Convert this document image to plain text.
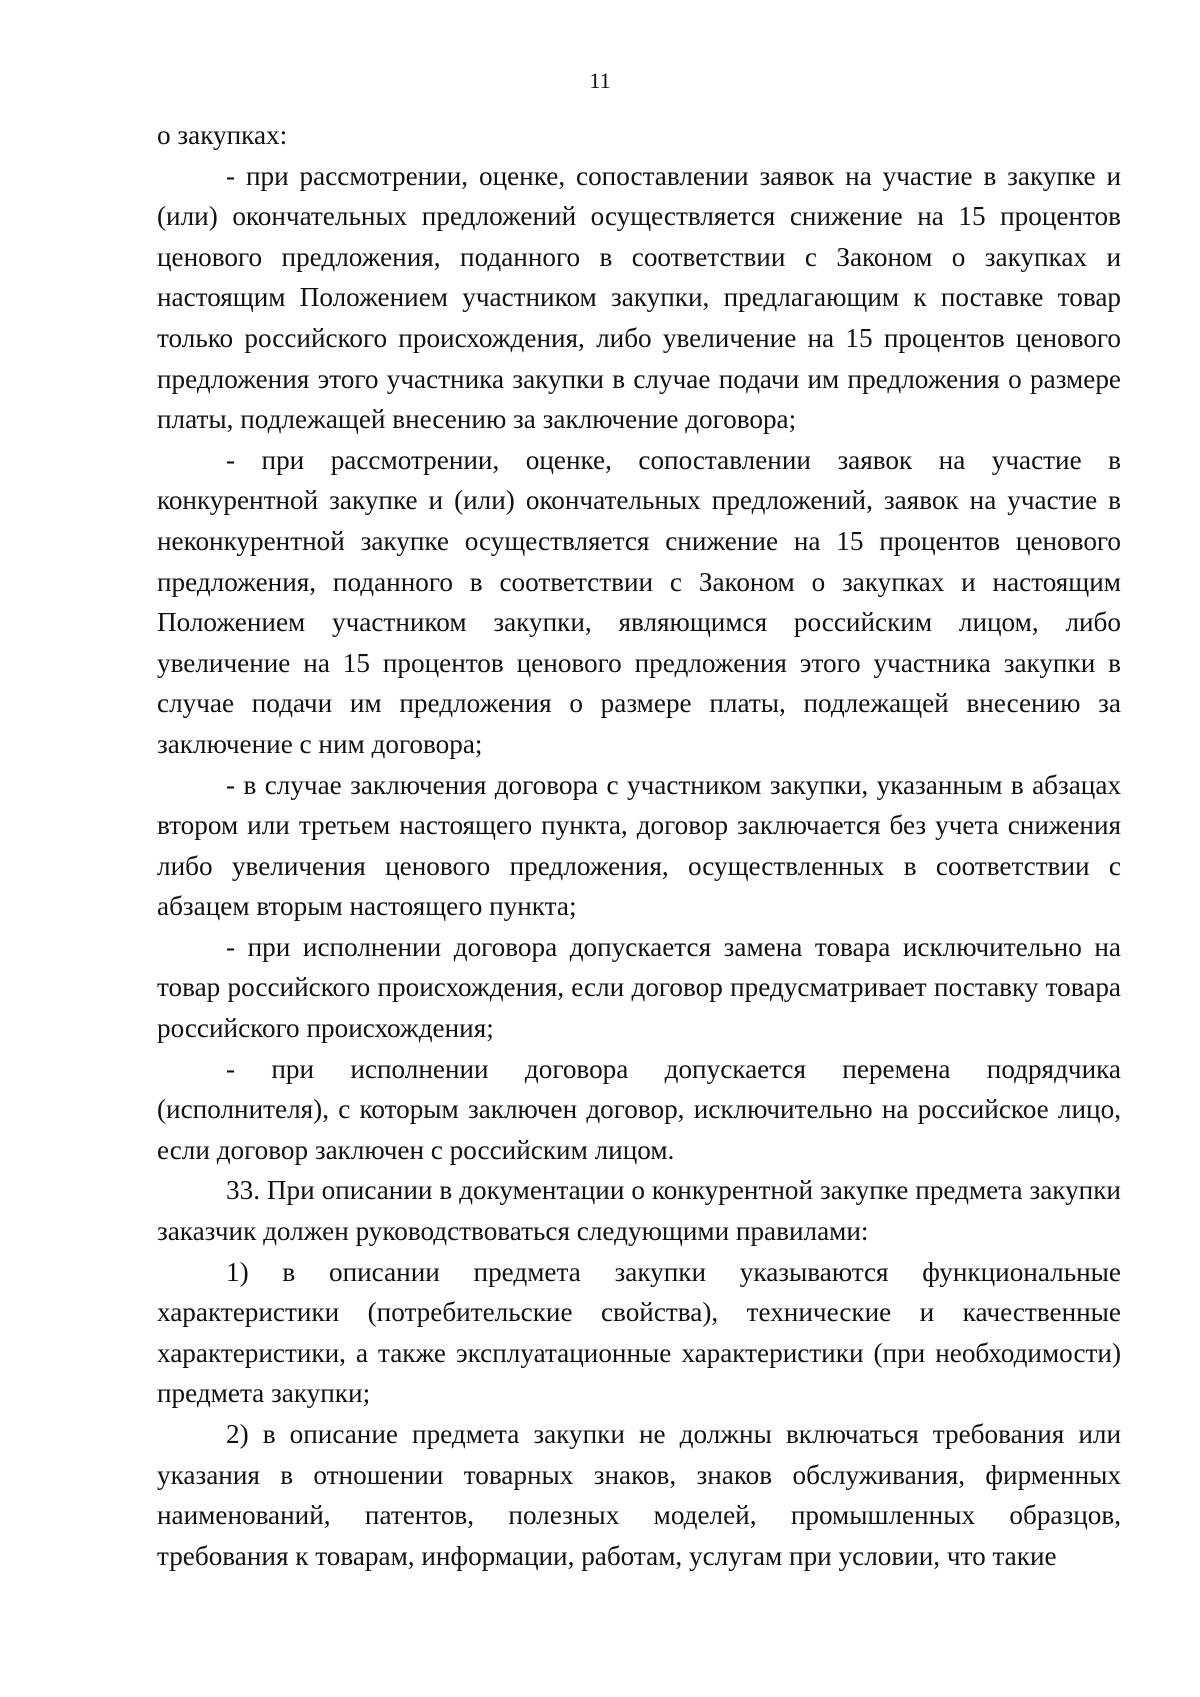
11

о закупках:

- при рассмотрении, оценке, сопоставлении заявок на участие в закупке и (или) окончательных предложений осуществляется снижение на 15 процентов ценового предложения, поданного в соответствии с Законом о закупках и настоящим Положением участником закупки, предлагающим к поставке товар только российского происхождения, либо увеличение на 15 процентов ценового предложения этого участника закупки в случае подачи им предложения о размере платы, подлежащей внесению за заключение договора;

- при рассмотрении, оценке, сопоставлении заявок на участие в конкурентной закупке и (или) окончательных предложений, заявок на участие в неконкурентной закупке осуществляется снижение на 15 процентов ценового предложения, поданного в соответствии с Законом о закупках и настоящим Положением участником закупки, являющимся российским лицом, либо увеличение на 15 процентов ценового предложения этого участника закупки в случае подачи им предложения о размере платы, подлежащей внесению за заключение с ним договора;

- в случае заключения договора с участником закупки, указанным в абзацах втором или третьем настоящего пункта, договор заключается без учета снижения либо увеличения ценового предложения, осуществленных в соответствии с абзацем вторым настоящего пункта;

- при исполнении договора допускается замена товара исключительно на товар российского происхождения, если договор предусматривает поставку товара российского происхождения;

- при исполнении договора допускается перемена подрядчика (исполнителя), с которым заключен договор, исключительно на российское лицо, если договор заключен с российским лицом.

33. При описании в документации о конкурентной закупке предмета закупки заказчик должен руководствоваться следующими правилами:

1) в описании предмета закупки указываются функциональные характеристики (потребительские свойства), технические и качественные характеристики, а также эксплуатационные характеристики (при необходимости) предмета закупки;

2) в описание предмета закупки не должны включаться требования или указания в отношении товарных знаков, знаков обслуживания, фирменных наименований, патентов, полезных моделей, промышленных образцов, требования к товарам, информации, работам, услугам при условии, что такие
